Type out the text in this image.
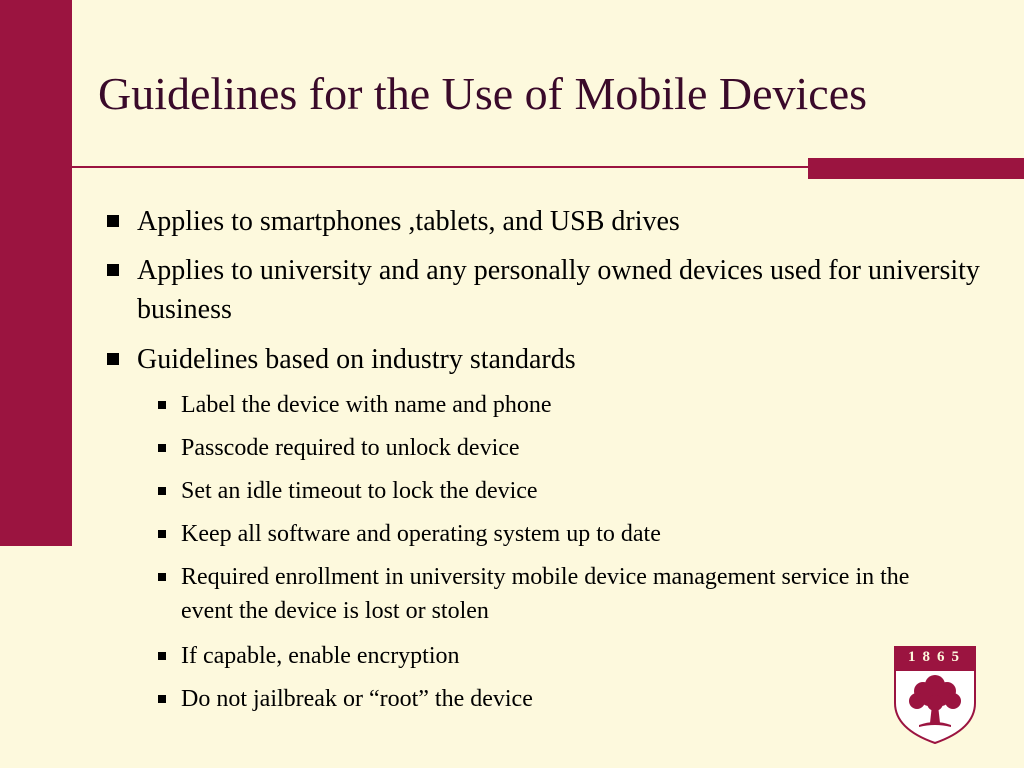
Guidelines for the Use of Mobile Devices
Applies to smartphones ,tablets, and USB drives
Applies to university and any personally owned devices used for university business
Guidelines based on industry standards
Label the device with name and phone
Passcode required to unlock device
Set an idle timeout to lock the device
Keep all software and operating system up to date
Required enrollment in university mobile device management service in the event the device is lost or stolen
If capable, enable encryption
Do not jailbreak or “root” the device
1865
